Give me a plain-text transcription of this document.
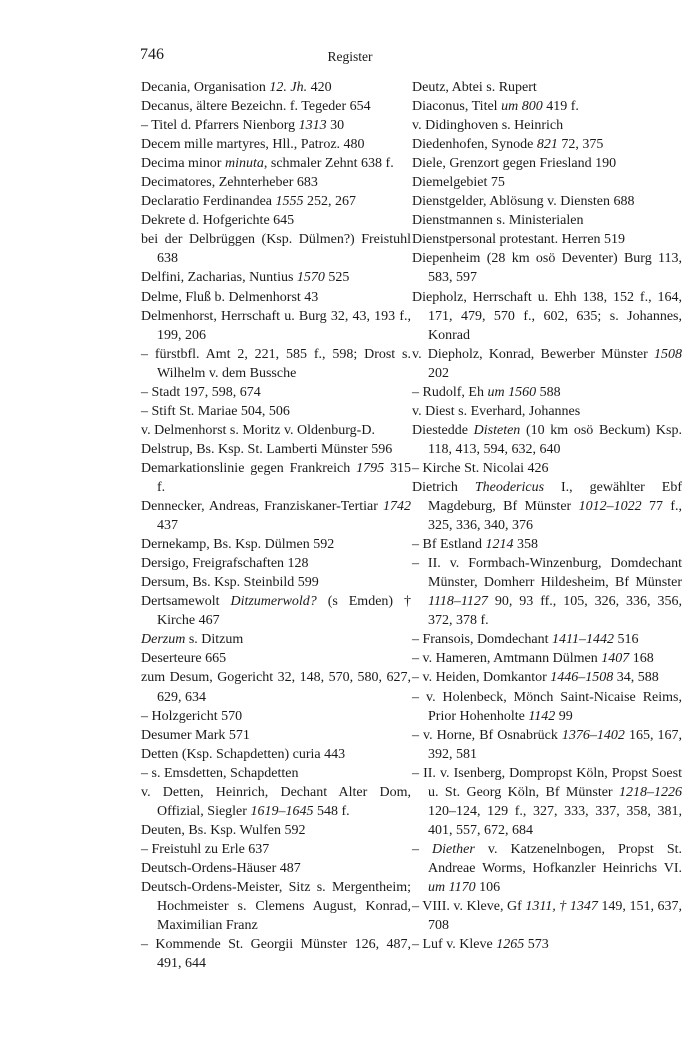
746	Register
Decania, Organisation 12. Jh. 420
Decanus, ältere Bezeichn. f. Tegeder 654
– Titel d. Pfarrers Nienborg 1313 30
Decem mille martyres, Hll., Patroz. 480
Decima minor minuta, schmaler Zehnt 638 f.
Decimatores, Zehnterheber 683
Declaratio Ferdinandea 1555 252, 267
Dekrete d. Hofgerichte 645
bei der Delbrüggen (Ksp. Dülmen?) Freistuhl 638
Delfini, Zacharias, Nuntius 1570 525
Delme, Fluß b. Delmenhorst 43
Delmenhorst, Herrschaft u. Burg 32, 43, 193 f., 199, 206
– fürstbfl. Amt 2, 221, 585 f., 598; Drost s. Wilhelm v. dem Bussche
– Stadt 197, 598, 674
– Stift St. Mariae 504, 506
v. Delmenhorst s. Moritz v. Oldenburg-D.
Delstrup, Bs. Ksp. St. Lamberti Münster 596
Demarkationslinie gegen Frankreich 1795 315 f.
Dennecker, Andreas, Franziskaner-Tertiar 1742 437
Dernekamp, Bs. Ksp. Dülmen 592
Dersigo, Freigrafschaften 128
Dersum, Bs. Ksp. Steinbild 599
Dertsamewolt Ditzumerwold? (s Emden) † Kirche 467
Derzum s. Ditzum
Deserteure 665
zum Desum, Gogericht 32, 148, 570, 580, 627, 629, 634
– Holzgericht 570
Desumer Mark 571
Detten (Ksp. Schapdetten) curia 443
– s. Emsdetten, Schapdetten
v. Detten, Heinrich, Dechant Alter Dom, Offizial, Siegler 1619–1645 548 f.
Deuten, Bs. Ksp. Wulfen 592
– Freistuhl zu Erle 637
Deutsch-Ordens-Häuser 487
Deutsch-Ordens-Meister, Sitz s. Mergentheim; Hochmeister s. Clemens August, Konrad, Maximilian Franz
– Kommende St. Georgii Münster 126, 487, 491, 644
Deutz, Abtei s. Rupert
Diaconus, Titel um 800 419 f.
v. Didinghoven s. Heinrich
Diedenhofen, Synode 821 72, 375
Diele, Grenzort gegen Friesland 190
Diemelgebiet 75
Dienstgelder, Ablösung v. Diensten 688
Dienstmannen s. Ministerialen
Dienstpersonal protestant. Herren 519
Diepenheim (28 km osö Deventer) Burg 113, 583, 597
Diepholz, Herrschaft u. Ehh 138, 152 f., 164, 171, 479, 570 f., 602, 635; s. Johannes, Konrad
v. Diepholz, Konrad, Bewerber Münster 1508 202
– Rudolf, Eh um 1560 588
v. Diest s. Everhard, Johannes
Diestedde Disteten (10 km osö Beckum) Ksp. 118, 413, 594, 632, 640
– Kirche St. Nicolai 426
Dietrich Theodericus I., gewählter Ebf Magdeburg, Bf Münster 1012–1022 77 f., 325, 336, 340, 376
– Bf Estland 1214 358
– II. v. Formbach-Winzenburg, Domdechant Münster, Domherr Hildesheim, Bf Münster 1118–1127 90, 93 ff., 105, 326, 336, 356, 372, 378 f.
– Fransois, Domdechant 1411–1442 516
– v. Hameren, Amtmann Dülmen 1407 168
– v. Heiden, Domkantor 1446–1508 34, 588
– v. Holenbeck, Mönch Saint-Nicaise Reims, Prior Hohenholte 1142 99
– v. Horne, Bf Osnabrück 1376–1402 165, 167, 392, 581
– II. v. Isenberg, Dompropst Köln, Propst Soest u. St. Georg Köln, Bf Münster 1218–1226 120–124, 129 f., 327, 333, 337, 358, 381, 401, 557, 672, 684
– Diether v. Katzenelnbogen, Propst St. Andreae Worms, Hofkanzler Heinrichs VI. um 1170 106
– VIII. v. Kleve, Gf 1311, † 1347 149, 151, 637, 708
– Luf v. Kleve 1265 573
